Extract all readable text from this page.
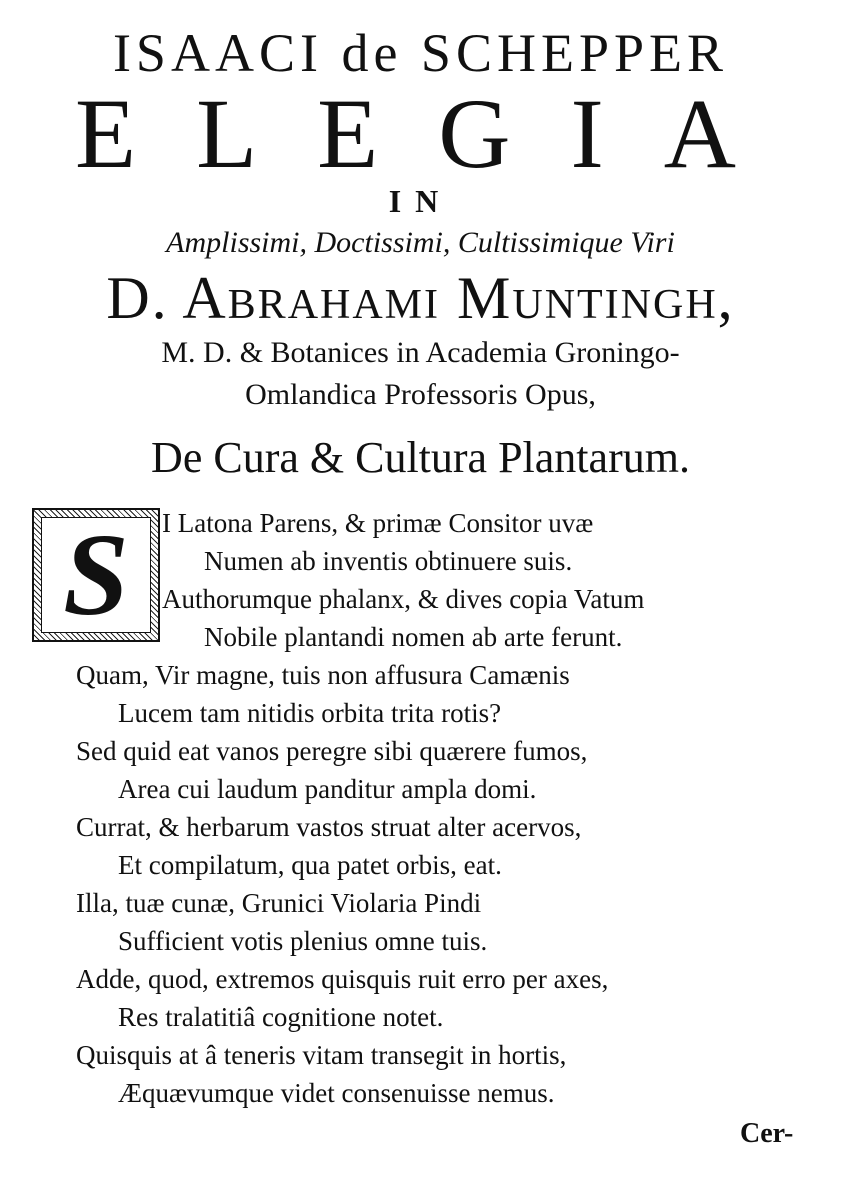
ISAACI de SCHEPPER
ELEGIA
IN
Amplissimi, Doctissimi, Cultissimique Viri
D. Abrahami Muntingh,
M. D. & Botanices in Academia Groningo-
Omlandica Professoris Opus,
De Cura & Cultura Plantarum.
S	I Latona Parens, & primæ Consitor uvæ
Numen ab inventis obtinuere suis.
Authorumque phalanx, & dives copia Vatum
Nobile plantandi nomen ab arte ferunt.
Quam, Vir magne, tuis non affusura Camænis
Lucem tam nitidis orbita trita rotis?
Sed quid eat vanos peregre sibi quærere fumos,
Area cui laudum panditur ampla domi.
Currat, & herbarum vastos struat alter acervos,
Et compilatum, qua patet orbis, eat.
Illa, tuæ cunæ, Grunici Violaria Pindi
Sufficient votis plenius omne tuis.
Adde, quod, extremos quisquis ruit erro per axes,
Res tralatitiâ cognitione notet.
Quisquis at â teneris vitam transegit in hortis,
Æquævumque videt consenuisse nemus.
Cer-
